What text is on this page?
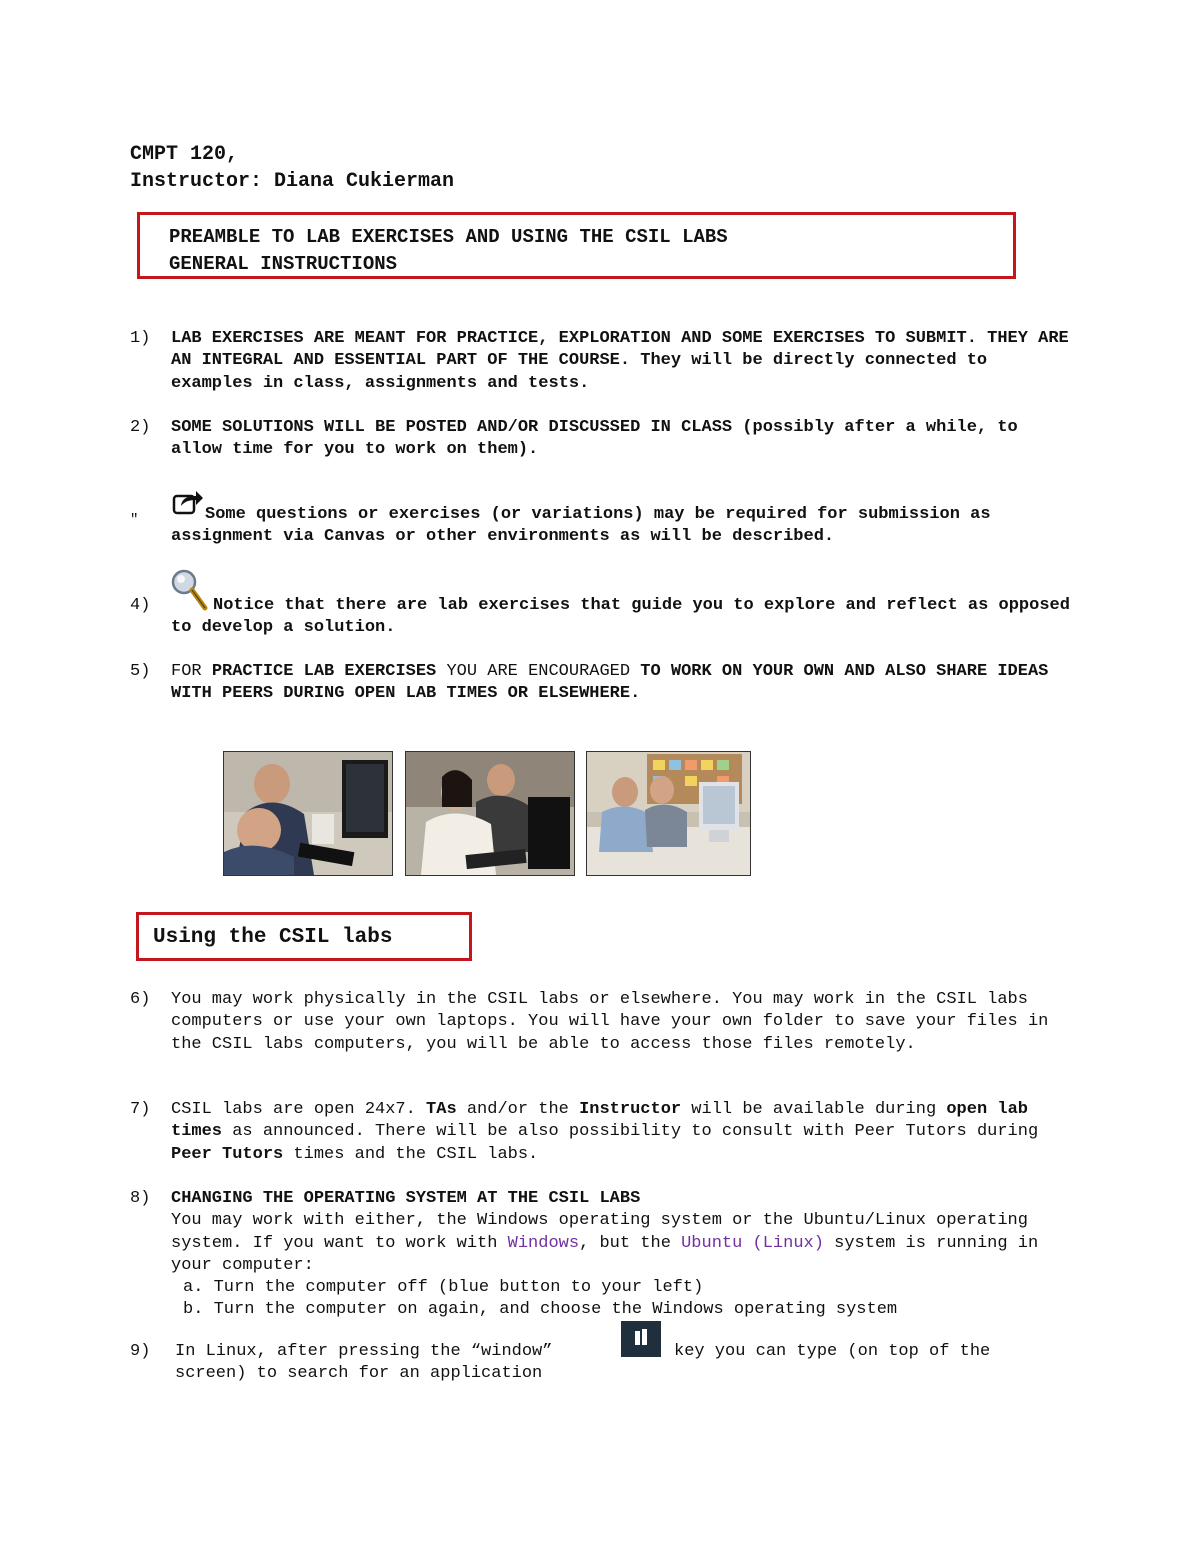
CMPT 120,
Instructor: Diana Cukierman
PREAMBLE TO LAB EXERCISES AND USING THE CSIL LABS
GENERAL INSTRUCTIONS
1) LAB EXERCISES ARE MEANT FOR PRACTICE, EXPLORATION AND SOME EXERCISES TO SUBMIT. THEY ARE AN INTEGRAL AND ESSENTIAL PART OF THE COURSE. They will be directly connected to examples in class, assignments and tests.
2) SOME SOLUTIONS WILL BE POSTED AND/OR DISCUSSED IN CLASS (possibly after a while, to allow time for you to work on them).
"	Some questions or exercises (or variations) may be required for submission as assignment via Canvas or other environments as will be described.
4)	Notice that there are lab exercises that guide you to explore and reflect as opposed to develop a solution.
5) FOR PRACTICE LAB EXERCISES YOU ARE ENCOURAGED TO WORK ON YOUR OWN AND ALSO SHARE IDEAS WITH PEERS DURING OPEN LAB TIMES OR ELSEWHERE.
Using the CSIL labs
6) You may work physically in the CSIL labs or elsewhere. You may work in the CSIL labs computers or use your own laptops. You will have your own folder to save your files in the CSIL labs computers, you will be able to access those files remotely.
7) CSIL labs are open 24x7. TAs and/or the Instructor will be available during open lab times as announced. There will be also possibility to consult with Peer Tutors during Peer Tutors times and the CSIL labs.
8) CHANGING THE OPERATING SYSTEM AT THE CSIL LABS

You may work with either, the Windows operating system or the Ubuntu/Linux operating system. If you want to work with Windows, but the Ubuntu (Linux) system is running in your computer:

a. Turn the computer off (blue button to your left)

b. Turn the computer on again, and choose the Windows operating system

9) In Linux, after pressing the “window”	key you can type (on top of the
screen) to search for an application
